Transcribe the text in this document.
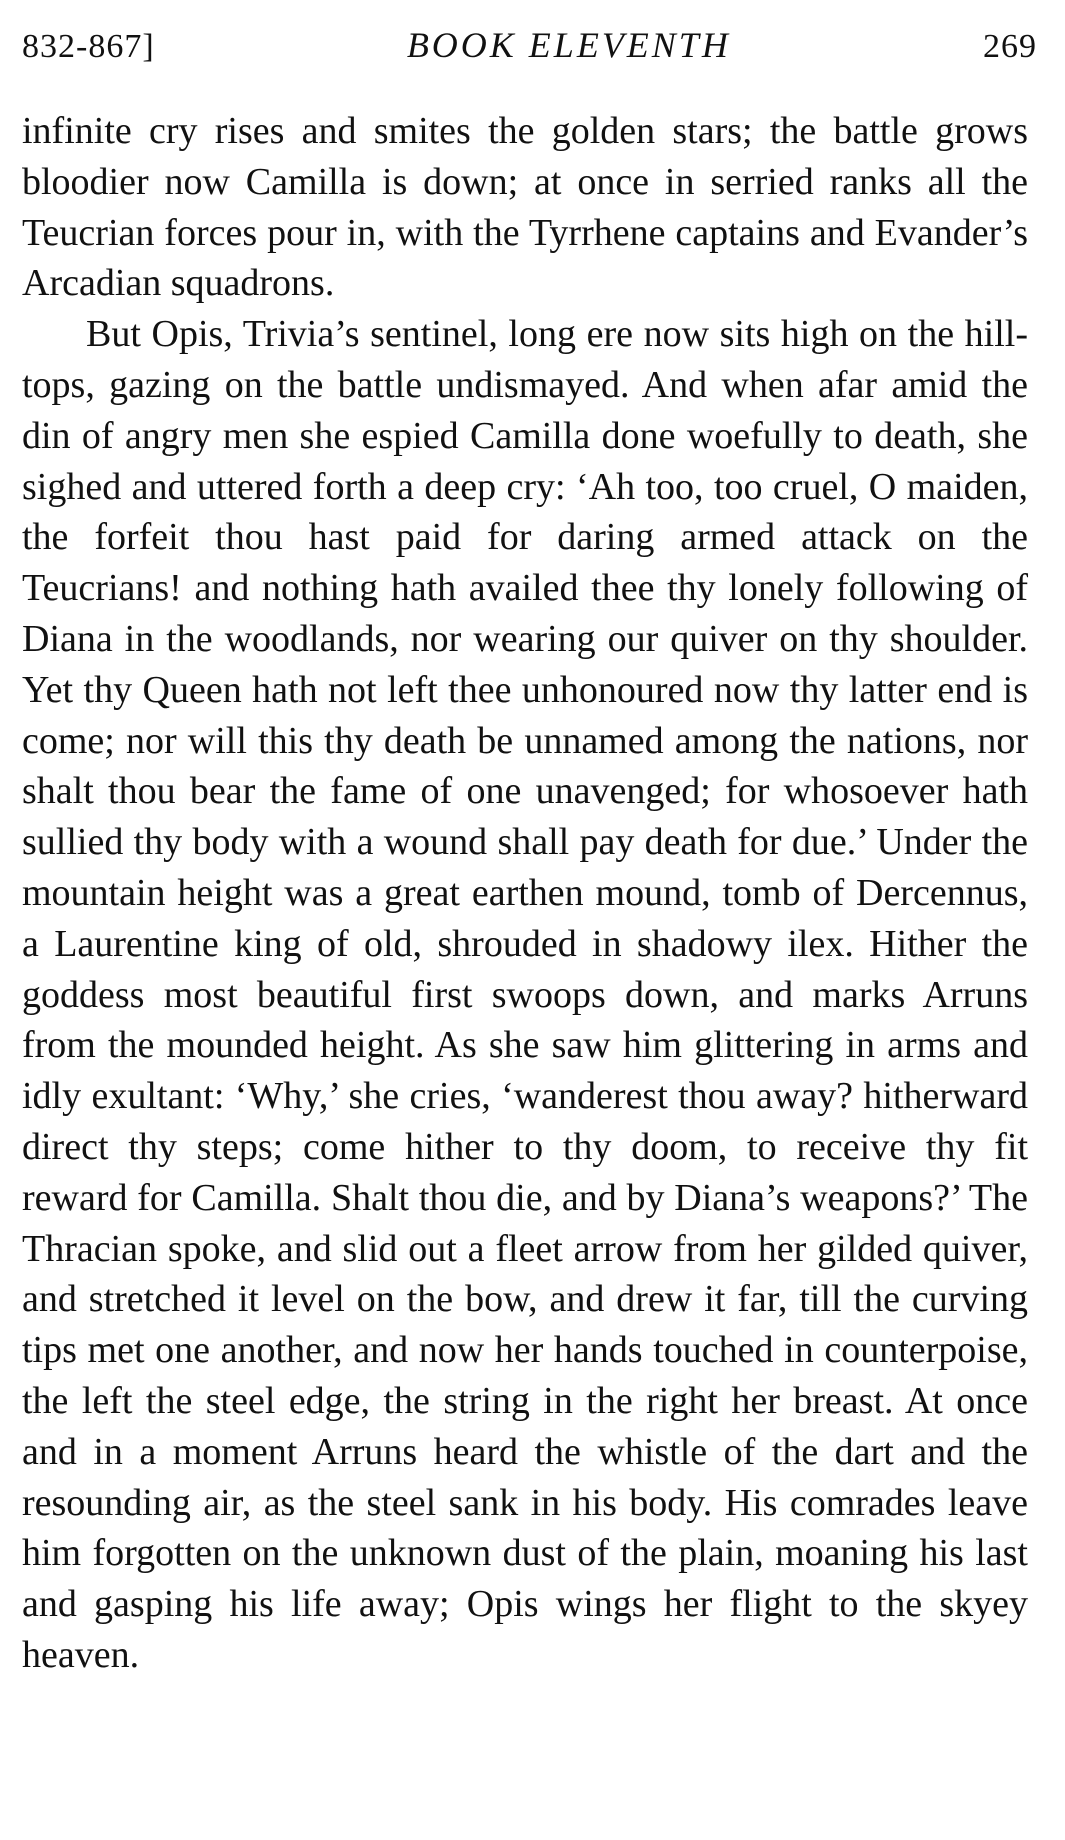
832-867]	BOOK ELEVENTH	269

infinite cry rises and smites the golden stars; the battle grows bloodier now Camilla is down; at once in serried ranks all the Teucrian forces pour in, with the Tyrrhene captains and Evander’s Arcadian squadrons.

But Opis, Trivia’s sentinel, long ere now sits high on the hill-tops, gazing on the battle undismayed. And when afar amid the din of angry men she espied Camilla done woefully to death, she sighed and uttered forth a deep cry: ‘Ah too, too cruel, O maiden, the forfeit thou hast paid for daring armed attack on the Teucrians! and nothing hath availed thee thy lonely following of Diana in the woodlands, nor wearing our quiver on thy shoulder. Yet thy Queen hath not left thee unhonoured now thy latter end is come; nor will this thy death be unnamed among the nations, nor shalt thou bear the fame of one unavenged; for whosoever hath sullied thy body with a wound shall pay death for due.’ Under the mountain height was a great earthen mound, tomb of Dercennus, a Laurentine king of old, shrouded in shadowy ilex. Hither the goddess most beautiful first swoops down, and marks Arruns from the mounded height. As she saw him glittering in arms and idly exultant: ‘Why,’ she cries, ‘wanderest thou away? hitherward direct thy steps; come hither to thy doom, to receive thy fit reward for Camilla. Shalt thou die, and by Diana’s weapons?’ The Thracian spoke, and slid out a fleet arrow from her gilded quiver, and stretched it level on the bow, and drew it far, till the curving tips met one another, and now her hands touched in counterpoise, the left the steel edge, the string in the right her breast. At once and in a moment Arruns heard the whistle of the dart and the resounding air, as the steel sank in his body. His comrades leave him forgotten on the unknown dust of the plain, moaning his last and gasping his life away; Opis wings her flight to the skyey heaven.
